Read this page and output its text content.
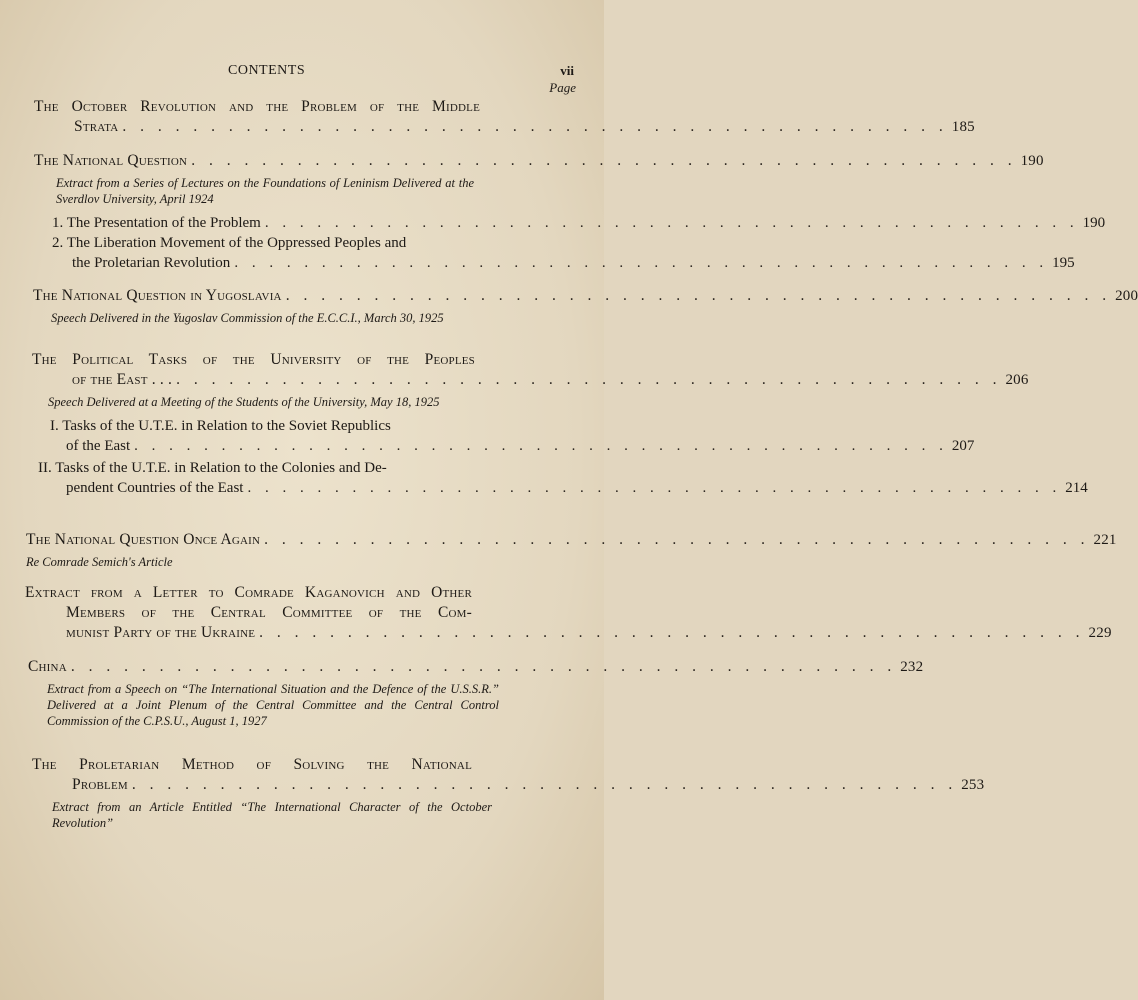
CONTENTS	vii
Page
The October Revolution and the Problem of the Middle
Strata . . . . . . . . . . . . . . . . . . . . . . . . . . . . . . . . . . . . . . . . . . . . . . . 185
The National Question . . . . . . . . . . . . . . . . . . . . . . . . . . . . . . . . . . . . . . . . . . . . . . . 190
Extract from a Series of Lectures on the Foundations of Leninism Delivered at the Sverdlov University, April 1924
1. The Presentation of the Problem . . . . . . . . . . . . . . . . . . . . . . . . . . . . . . . . . . . . . . . . . . . . . . . 190
2. The Liberation Movement of the Oppressed Peoples and
the Proletarian Revolution . . . . . . . . . . . . . . . . . . . . . . . . . . . . . . . . . . . . . . . . . . . . . . . 195
The National Question in Yugoslavia . . . . . . . . . . . . . . . . . . . . . . . . . . . . . . . . . . . . . . . . . . . . . . . 200
Speech Delivered in the Yugoslav Commission of the E.C.C.I., March 30, 1925
The Political Tasks of the University of the Peoples
of the East . . . . . . . . . . . . . . . . . . . . . . . . . . . . . . . . . . . . . . . . . . . . . . . . . . 206
Speech Delivered at a Meeting of the Students of the University, May 18, 1925
I. Tasks of the U.T.E. in Relation to the Soviet Republics
of the East . . . . . . . . . . . . . . . . . . . . . . . . . . . . . . . . . . . . . . . . . . . . . . . 207
II. Tasks of the U.T.E. in Relation to the Colonies and De-
pendent Countries of the East . . . . . . . . . . . . . . . . . . . . . . . . . . . . . . . . . . . . . . . . . . . . . . . 214
The National Question Once Again . . . . . . . . . . . . . . . . . . . . . . . . . . . . . . . . . . . . . . . . . . . . . . . 221
Re Comrade Semich's Article
Extract from a Letter to Comrade Kaganovich and Other
Members of the Central Committee of the Com-
munist Party of the Ukraine . . . . . . . . . . . . . . . . . . . . . . . . . . . . . . . . . . . . . . . . . . . . . . . 229
China . . . . . . . . . . . . . . . . . . . . . . . . . . . . . . . . . . . . . . . . . . . . . . . 232
Extract from a Speech on “The International Situation and the Defence of the U.S.S.R.” Delivered at a Joint Plenum of the Central Committee and the Central Control Commission of the C.P.S.U., August 1, 1927
The Proletarian Method of Solving the National
Problem . . . . . . . . . . . . . . . . . . . . . . . . . . . . . . . . . . . . . . . . . . . . . . . 253
Extract from an Article Entitled “The International Character of the October Revolution”
